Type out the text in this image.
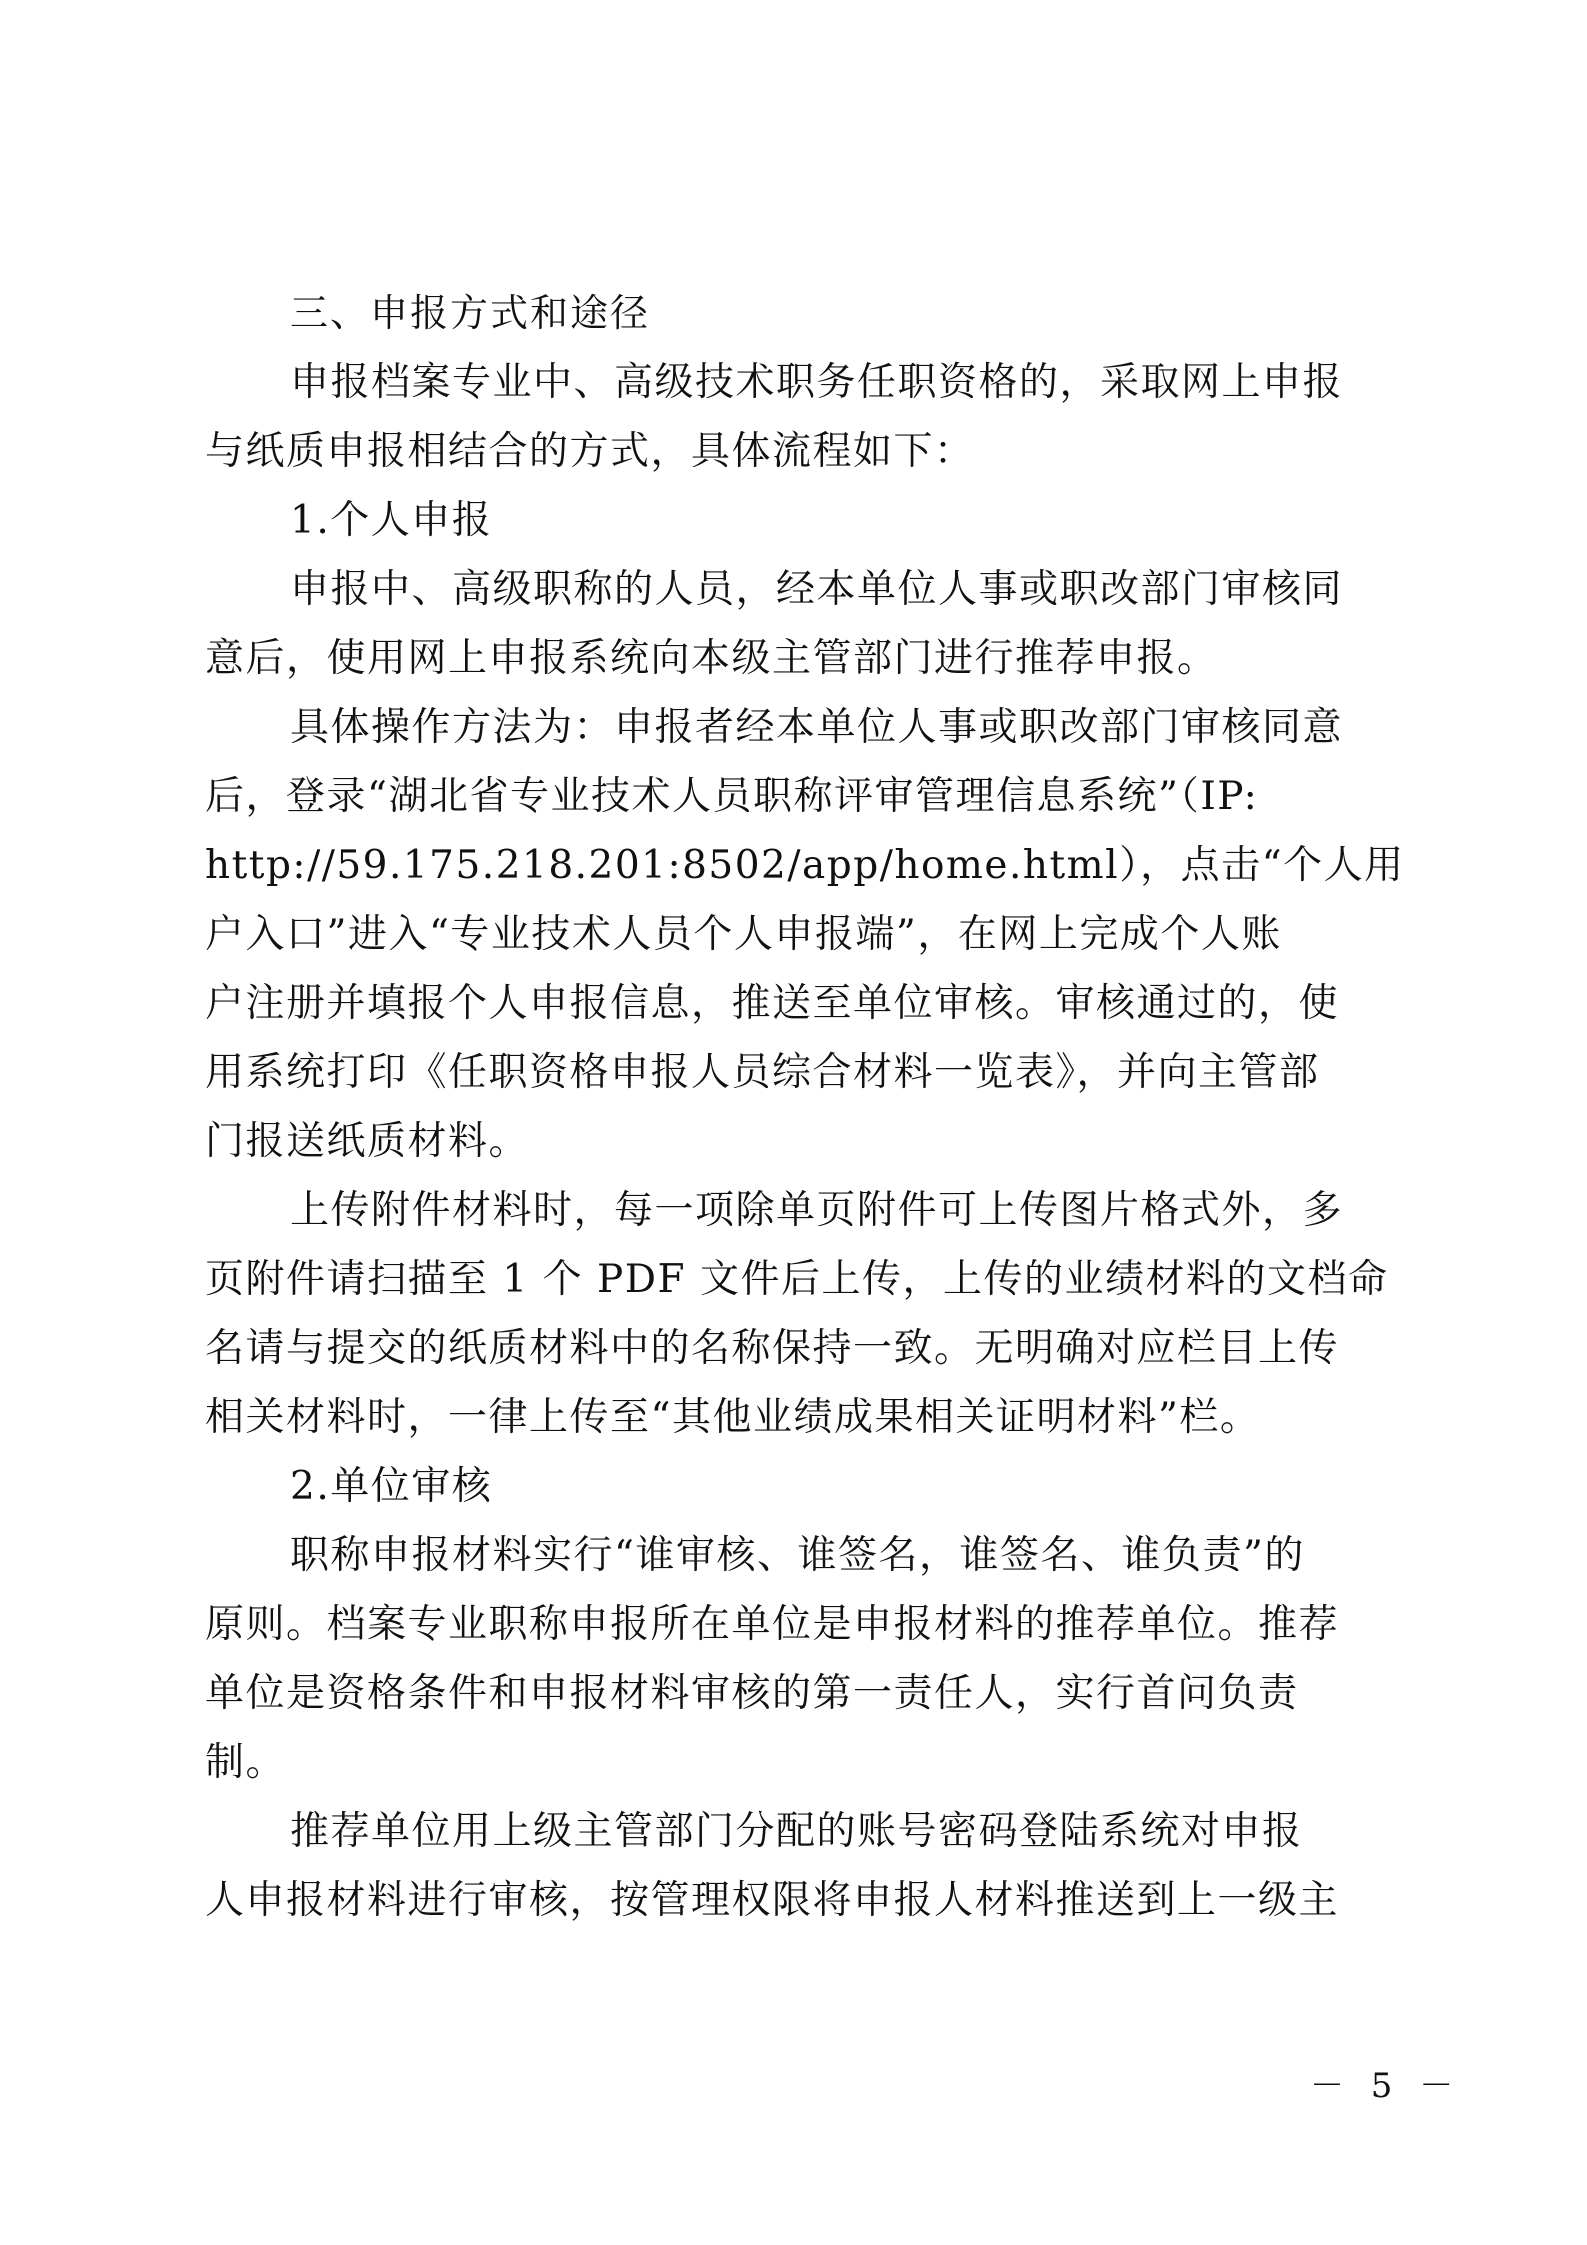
三、申报方式和途径
申报档案专业中、高级技术职务任职资格的，采取网上申报
与纸质申报相结合的方式，具体流程如下：
1.个人申报
申报中、高级职称的人员，经本单位人事或职改部门审核同
意后，使用网上申报系统向本级主管部门进行推荐申报。
具体操作方法为：申报者经本单位人事或职改部门审核同意
后，登录“湖北省专业技术人员职称评审管理信息系统”（IP:
http://59.175.218.201:8502/app/home.html），点击“个人用
户入口”进入“专业技术人员个人申报端”，在网上完成个人账
户注册并填报个人申报信息，推送至单位审核。审核通过的，使
用系统打印《任职资格申报人员综合材料一览表》，并向主管部
门报送纸质材料。
上传附件材料时，每一项除单页附件可上传图片格式外，多
页附件请扫描至 1 个 PDF 文件后上传，上传的业绩材料的文档命
名请与提交的纸质材料中的名称保持一致。无明确对应栏目上传
相关材料时，一律上传至“其他业绩成果相关证明材料”栏。
2.单位审核
职称申报材料实行“谁审核、谁签名，谁签名、谁负责”的
原则。档案专业职称申报所在单位是申报材料的推荐单位。推荐
单位是资格条件和申报材料审核的第一责任人，实行首问负责
制。
推荐单位用上级主管部门分配的账号密码登陆系统对申报
人申报材料进行审核，按管理权限将申报人材料推送到上一级主
－ 5 －
